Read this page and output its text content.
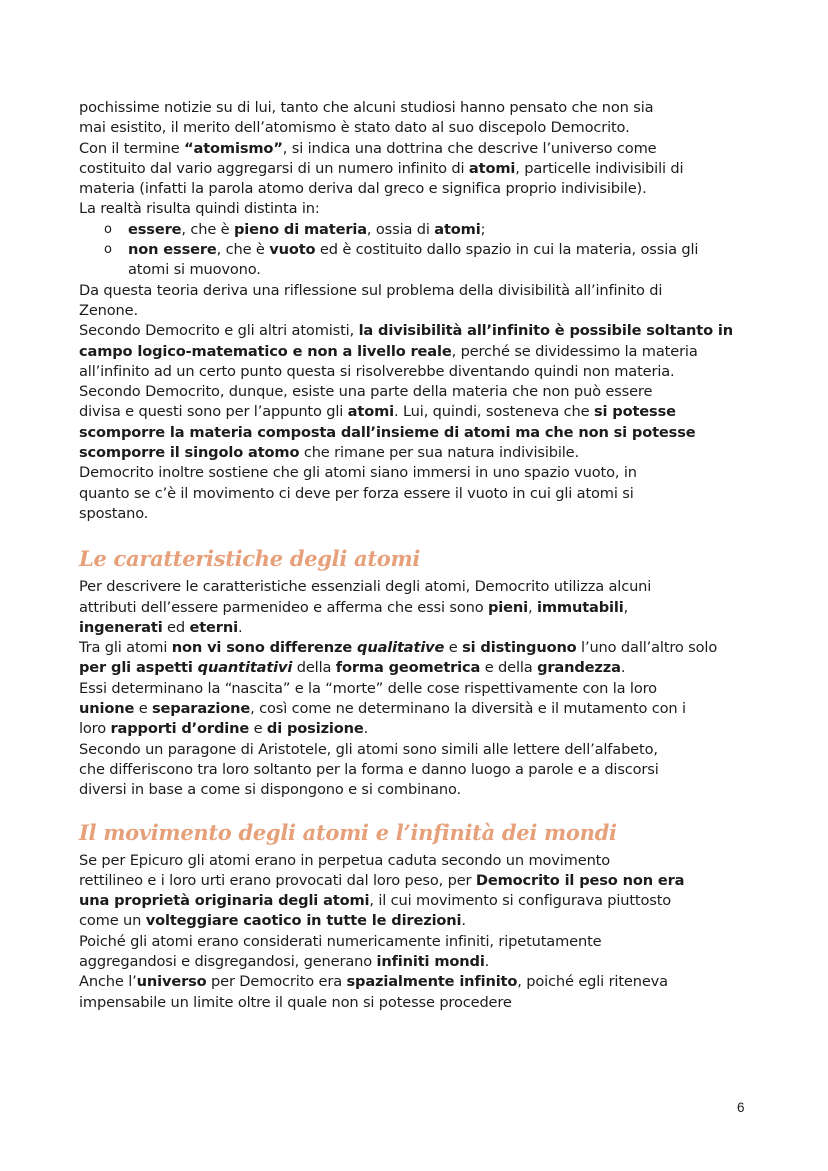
pochissime notizie su di lui, tanto che alcuni studiosi hanno pensato che non sia

mai esistito, il merito dell’atomismo è stato dato al suo discepolo Democrito.

Con il termine “atomismo”, si indica una dottrina che descrive l’universo come

costituito dal vario aggregarsi di un numero infinito di atomi, particelle indivisibili di

materia (infatti la parola atomo deriva dal greco e significa proprio indivisibile).

La realtà risulta quindi distinta in:

o essere, che è pieno di materia, ossia di atomi;

o non essere, che è vuoto ed è costituito dallo spazio in cui la materia, ossia gli

atomi si muovono.

Da questa teoria deriva una riflessione sul problema della divisibilità all’infinito di

Zenone.

Secondo Democrito e gli altri atomisti, la divisibilità all’infinito è possibile soltanto in

campo logico-matematico e non a livello reale, perché se dividessimo la materia

all’infinito ad un certo punto questa si risolverebbe diventando quindi non materia.

Secondo Democrito, dunque, esiste una parte della materia che non può essere

divisa e questi sono per l’appunto gli atomi. Lui, quindi, sosteneva che si potesse

scomporre la materia composta dall’insieme di atomi ma che non si potesse

scomporre il singolo atomo che rimane per sua natura indivisibile.

Democrito inoltre sostiene che gli atomi siano immersi in uno spazio vuoto, in

quanto se c’è il movimento ci deve per forza essere il vuoto in cui gli atomi si

spostano.

Le caratteristiche degli atomi

Per descrivere le caratteristiche essenziali degli atomi, Democrito utilizza alcuni

attributi dell’essere parmenideo e afferma che essi sono pieni, immutabili,

ingenerati ed eterni.

Tra gli atomi non vi sono differenze qualitative e si distinguono l’uno dall’altro solo

per gli aspetti quantitativi della forma geometrica e della grandezza.

Essi determinano la “nascita” e la “morte” delle cose rispettivamente con la loro

unione e separazione, così come ne determinano la diversità e il mutamento con i

loro rapporti d’ordine e di posizione.

Secondo un paragone di Aristotele, gli atomi sono simili alle lettere dell’alfabeto,

che differiscono tra loro soltanto per la forma e danno luogo a parole e a discorsi

diversi in base a come si dispongono e si combinano.

Il movimento degli atomi e l’infinità dei mondi

Se per Epicuro gli atomi erano in perpetua caduta secondo un movimento

rettilineo e i loro urti erano provocati dal loro peso, per Democrito il peso non era

una proprietà originaria degli atomi, il cui movimento si configurava piuttosto

come un volteggiare caotico in tutte le direzioni.

Poiché gli atomi erano considerati numericamente infiniti, ripetutamente

aggregandosi e disgregandosi, generano infiniti mondi.

Anche l’universo per Democrito era spazialmente infinito, poiché egli riteneva

impensabile un limite oltre il quale non si potesse procedere

6
